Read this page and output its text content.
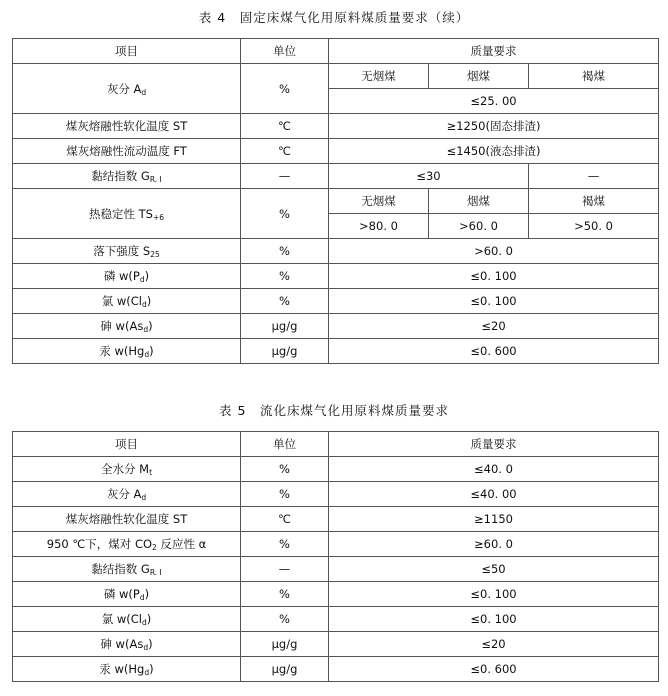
表 4　固定床煤气化用原料煤质量要求（续）
项目	单位	质量要求		
灰分 $A_d$	%	无烟煤	烟煤	褐煤
		≤25. 00		
煤灰熔融性软化温度 ST	℃	≥1250(固态排渣)		
煤灰熔融性流动温度 FT	℃	≤1450(液态排渣)		
黏结指数 $G_{R. I}$	—	≤30		—
热稳定性 $TS_{+6}$	%	无烟煤	烟煤	褐煤
		>80. 0	>60. 0	>50. 0
落下强度 $S_{25}$	%	>60. 0		
磷 $w(P_d)$	%	≤0. 100		
氯 $w(Cl_d)$	%	≤0. 100		
砷 $w(As_d)$	μg/g	≤20		
汞 $w(Hg_d)$	μg/g	≤0. 600		
表 5　流化床煤气化用原料煤质量要求
项目	单位	质量要求
全水分 $M_t$	%	≤40. 0
灰分 $A_d$	%	≤40. 00
煤灰熔融性软化温度 ST	℃	≥1150
950 ℃下，煤对 $CO_2$ 反应性 α	%	≥60. 0
黏结指数 $G_{R. I}$	—	≤50
磷 $w(P_d)$	%	≤0. 100
氯 $w(Cl_d)$	%	≤0. 100
砷 $w(As_d)$	μg/g	≤20
汞 $w(Hg_d)$	μg/g	≤0. 600
